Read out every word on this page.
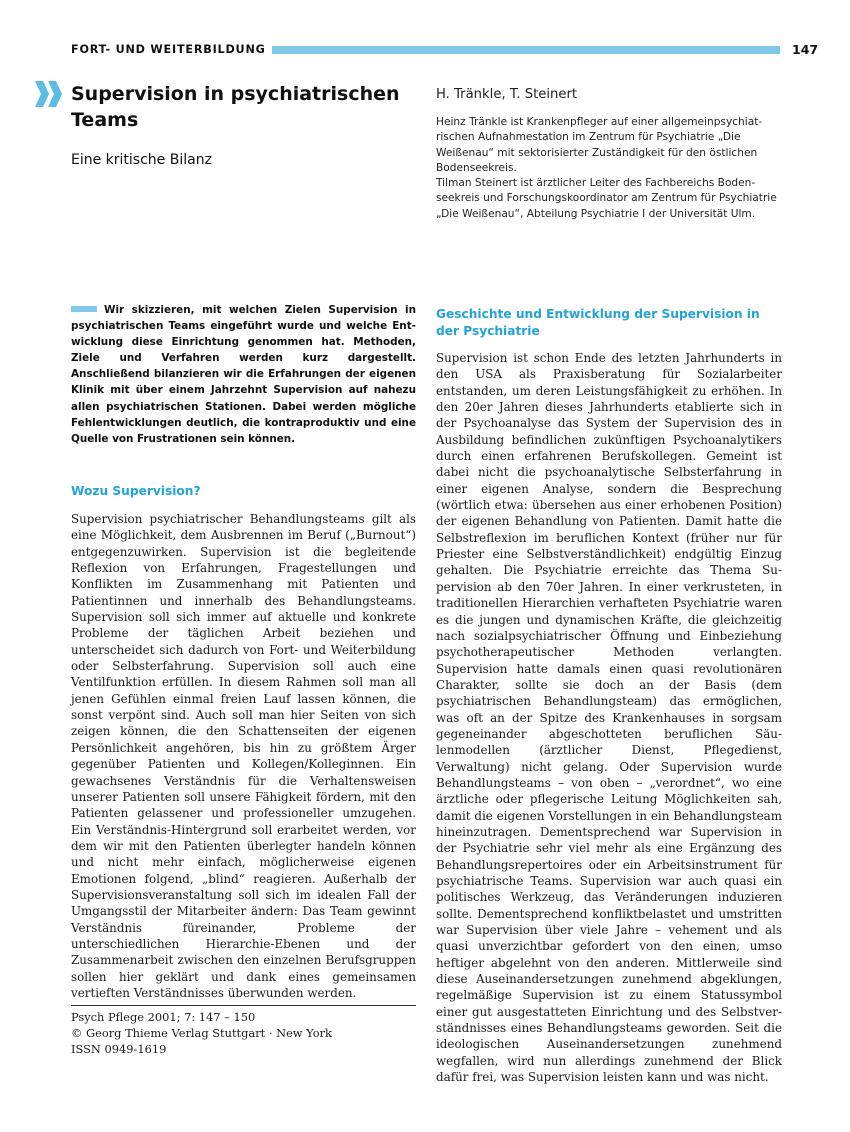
FORT- UND WEITERBILDUNG	147
Supervision in psychiatrischen Teams
Eine kritische Bilanz
H. Tränkle, T. Steinert

Heinz Tränkle ist Krankenpfleger auf einer allgemeinpsychiatrischen Aufnahmestation im Zentrum für Psychiatrie „Die Weißenau“ mit sektorisierter Zuständigkeit für den östlichen Bodenseekreis.

Tilman Steinert ist ärztlicher Leiter des Fachbereichs Bodenseekreis und Forschungskoordinator am Zentrum für Psychiatrie „Die Weißenau“, Abteilung Psychiatrie I der Universität Ulm.

Wir skizzieren, mit welchen Zielen Supervision in psychiatrischen Teams eingeführt wurde und welche Entwicklung diese Einrichtung genommen hat. Methoden, Ziele und Verfahren werden kurz dargestellt. Anschließend bilanzieren wir die Erfahrungen der eigenen Klinik mit über einem Jahrzehnt Supervision auf nahezu allen psychiatrischen Stationen. Dabei werden mögliche Fehlentwicklungen deutlich, die kontraproduktiv und eine Quelle von Frustrationen sein können.
Wozu Supervision?
Supervision psychiatrischer Behandlungsteams gilt als eine Möglichkeit, dem Ausbrennen im Beruf („Burnout“) entgegenzuwirken. Supervision ist die begleitende Reflexion von Erfahrungen, Fragestellungen und Konflikten im Zusammenhang mit Patienten und Patientinnen und innerhalb des Behandlungsteams. Supervision soll sich immer auf aktuelle und konkrete Probleme der täglichen Arbeit beziehen und unterscheidet sich dadurch von Fort- und Weiterbildung oder Selbsterfahrung. Supervision soll auch eine Ventilfunktion erfüllen. In diesem Rahmen soll man all jenen Gefühlen einmal freien Lauf lassen können, die sonst verpönt sind. Auch soll man hier Seiten von sich zeigen können, die den Schattenseiten der eigenen Persönlichkeit angehören, bis hin zu größtem Ärger gegenüber Patienten und Kollegen/Kolleginnen. Ein gewachsenes Verständnis für die Verhaltensweisen unserer Patienten soll unsere Fähigkeit fördern, mit den Patienten gelassener und professioneller umzugehen. Ein Verständnis-Hintergrund soll erarbeitet werden, vor dem wir mit den Patienten überlegter handeln können und nicht mehr einfach, möglicherweise eigenen Emotionen folgend, „blind“ reagieren. Außerhalb der Supervisionsveranstaltung soll sich im idealen Fall der Umgangsstil der Mitarbeiter ändern: Das Team gewinnt Verständnis füreinander, Probleme der unterschiedlichen Hierarchie-Ebenen und der Zusammenarbeit zwischen den einzelnen Berufsgruppen sollen hier geklärt und dank eines gemeinsamen vertieften Verständnisses überwunden werden.
Geschichte und Entwicklung der Supervision in der Psychiatrie
Supervision ist schon Ende des letzten Jahrhunderts in den USA als Praxisberatung für Sozialarbeiter entstanden, um deren Leistungsfähigkeit zu erhöhen. In den 20er Jahren dieses Jahrhunderts etablierte sich in der Psychoanalyse das System der Supervision des in Ausbildung befindlichen zukünftigen Psychoanalytikers durch einen erfahrenen Berufskollegen. Gemeint ist dabei nicht die psychoanalytische Selbsterfahrung in einer eigenen Analyse, sondern die Besprechung (wörtlich etwa: übersehen aus einer erhobenen Position) der eigenen Behandlung von Patienten. Damit hatte die Selbstreflexion im beruflichen Kontext (früher nur für Priester eine Selbstverständlichkeit) endgültig Einzug gehalten. Die Psychiatrie erreichte das Thema Supervision ab den 70er Jahren. In einer verkrusteten, in traditionellen Hierarchien verhafteten Psychiatrie waren es die jungen und dynamischen Kräfte, die gleichzeitig nach sozialpsychiatrischer Öffnung und Einbeziehung psychotherapeutischer Methoden verlangten. Supervision hatte damals einen quasi revolutionären Charakter, sollte sie doch an der Basis (dem psychiatrischen Behandlungsteam) das ermöglichen, was oft an der Spitze des Krankenhauses in sorgsam gegeneinander abgeschotteten beruflichen Säulenmodellen (ärztlicher Dienst, Pflegedienst, Verwaltung) nicht gelang. Oder Supervision wurde Behandlungsteams – von oben – „verordnet“, wo eine ärztliche oder pflegerische Leitung Möglichkeiten sah, damit die eigenen Vorstellungen in ein Behandlungsteam hineinzutragen. Dementsprechend war Supervision in der Psychiatrie sehr viel mehr als eine Ergänzung des Behandlungsrepertoires oder ein Arbeitsinstrument für psychiatrische Teams. Supervision war auch quasi ein politisches Werkzeug, das Veränderungen induzieren sollte. Dementsprechend konfliktbelastet und umstritten war Supervision über viele Jahre – vehement und als quasi unverzichtbar gefordert von den einen, umso heftiger abgelehnt von den anderen. Mittlerweile sind diese Auseinandersetzungen zunehmend abgeklungen, regelmäßige Supervision ist zu einem Statussymbol einer gut ausgestatteten Einrichtung und des Selbstverständnisses eines Behandlungsteams geworden. Seit die ideologischen Auseinandersetzungen zunehmend wegfallen, wird nun allerdings zunehmend der Blick dafür frei, was Supervision leisten kann und was nicht.
Psych Pflege 2001; 7: 147 – 150
© Georg Thieme Verlag Stuttgart · New York
ISSN 0949-1619
